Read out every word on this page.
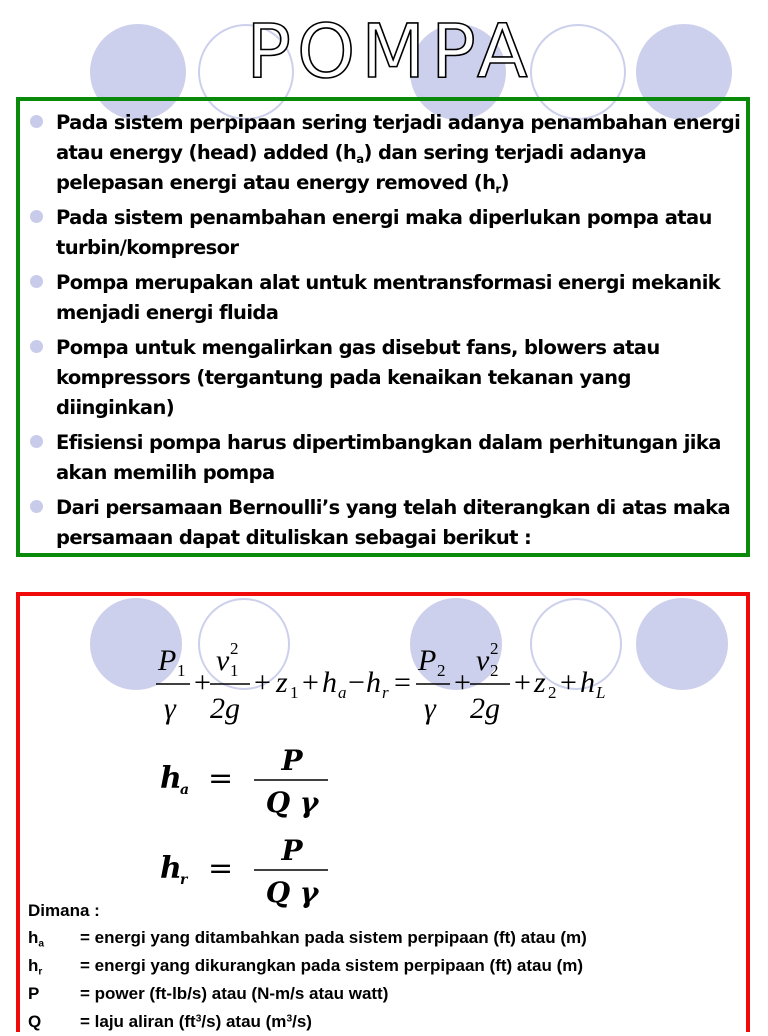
POMPA
Pada sistem perpipaan sering terjadi adanya penambahan energi atau energy (head) added $(h_a)$ dan sering terjadi adanya pelepasan energi atau energy removed $(h_r)$
Pada sistem penambahan energi maka diperlukan pompa atau turbin/kompresor
Pompa merupakan alat untuk mentransformasi energi mekanik menjadi energi fluida
Pompa untuk mengalirkan gas disebut fans, blowers atau kompressors (tergantung pada kenaikan tekanan yang diinginkan)
Efisiensi pompa harus dipertimbangkan dalam perhitungan jika akan memilih pompa
Dari persamaan Bernoulli’s yang telah diterangkan di atas maka persamaan dapat dituliskan sebagai berikut :
P 1
γ
+
v 2
1
2g
+ z 1 + h a − h r =
P 2
γ
+
v 2
2
2g
+ z 2 + h L
h
a =
P
Q γ
h
r =
P
Q γ
Dimana :
$h_a$ = energi yang ditambahkan pada sistem perpipaan (ft) atau (m)
$h_r$ = energi yang dikurangkan pada sistem perpipaan (ft) atau (m)
P = power (ft-lb/s) atau (N-m/s atau watt)
Q = laju aliran $(ft^3/s)$ atau $(m^3/s)$
